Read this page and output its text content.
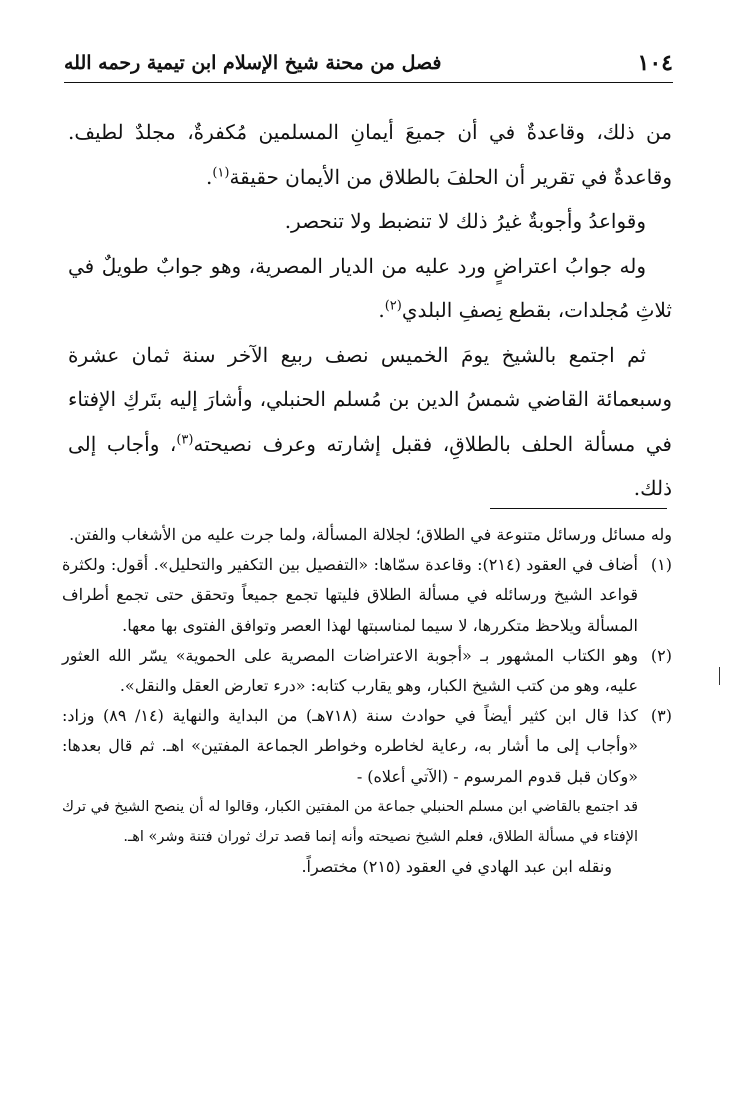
١٠٤
فصل من محنة شيخ الإسلام ابن تيمية رحمه الله

من ذلك، وقاعدةٌ في أن جميعَ أيمانِ المسلمين مُكفرةٌ، مجلدٌ لطيف. وقاعدةٌ في تقرير أن الحلفَ بالطلاق من الأيمان حقيقة$^{(١)}$.

وقواعدُ وأجوبةٌ غيرُ ذلك لا تنضبط ولا تنحصر.

وله جوابُ اعتراضٍ ورد عليه من الديار المصرية، وهو جوابٌ طويلٌ في ثلاثِ مُجلدات، بقطع نِصفِ البلدي$^{(٢)}$.

ثم اجتمع بالشيخ يومَ الخميس نصف ربيع الآخر سنة ثمان عشرة وسبعمائة القاضي شمسُ الدين بن مُسلم الحنبلي، وأشارَ إليه بتَركِ الإفتاء في مسألة الحلف بالطلاقِ، فقبل إشارته وعرف نصيحته$^{(٣)}$، وأجاب إلى ذلك.

وله مسائل ورسائل متنوعة في الطلاق؛ لجلالة المسألة، ولما جرت عليه من الأشغاب والفتن.

(١)
أضاف في العقود (٢١٤): وقاعدة سمّاها: «التفصيل بين التكفير والتحليل». أقول: ولكثرة قواعد الشيخ ورسائله في مسألة الطلاق فليتها تجمع جميعاً وتحقق حتى تجمع أطراف المسألة ويلاحظ متكررها، لا سيما لمناسبتها لهذا العصر وتوافق الفتوى بها معها.
(٢)
وهو الكتاب المشهور بـ «أجوبة الاعتراضات المصرية على الحموية» يسّر الله العثور عليه، وهو من كتب الشيخ الكبار، وهو يقارب كتابه: «درء تعارض العقل والنقل».
(٣)
كذا قال ابن كثير أيضاً في حوادث سنة (٧١٨هـ) من البداية والنهاية (١٤/ ٨٩) وزاد: «وأجاب إلى ما أشار به، رعاية لخاطره وخواطر الجماعة المفتين» اهـ. ثم قال بعدها: «وكان قبل قدوم المرسوم - (الآتي أعلاه) -
قد اجتمع بالقاضي ابن مسلم الحنبلي جماعة من المفتين الكبار، وقالوا له أن ينصح الشيخ في ترك الإفتاء في مسألة الطلاق، فعلم الشيخ نصيحته وأنه إنما قصد ترك ثوران فتنة وشر» اهـ.
ونقله ابن عبد الهادي في العقود (٢١٥) مختصراً.
